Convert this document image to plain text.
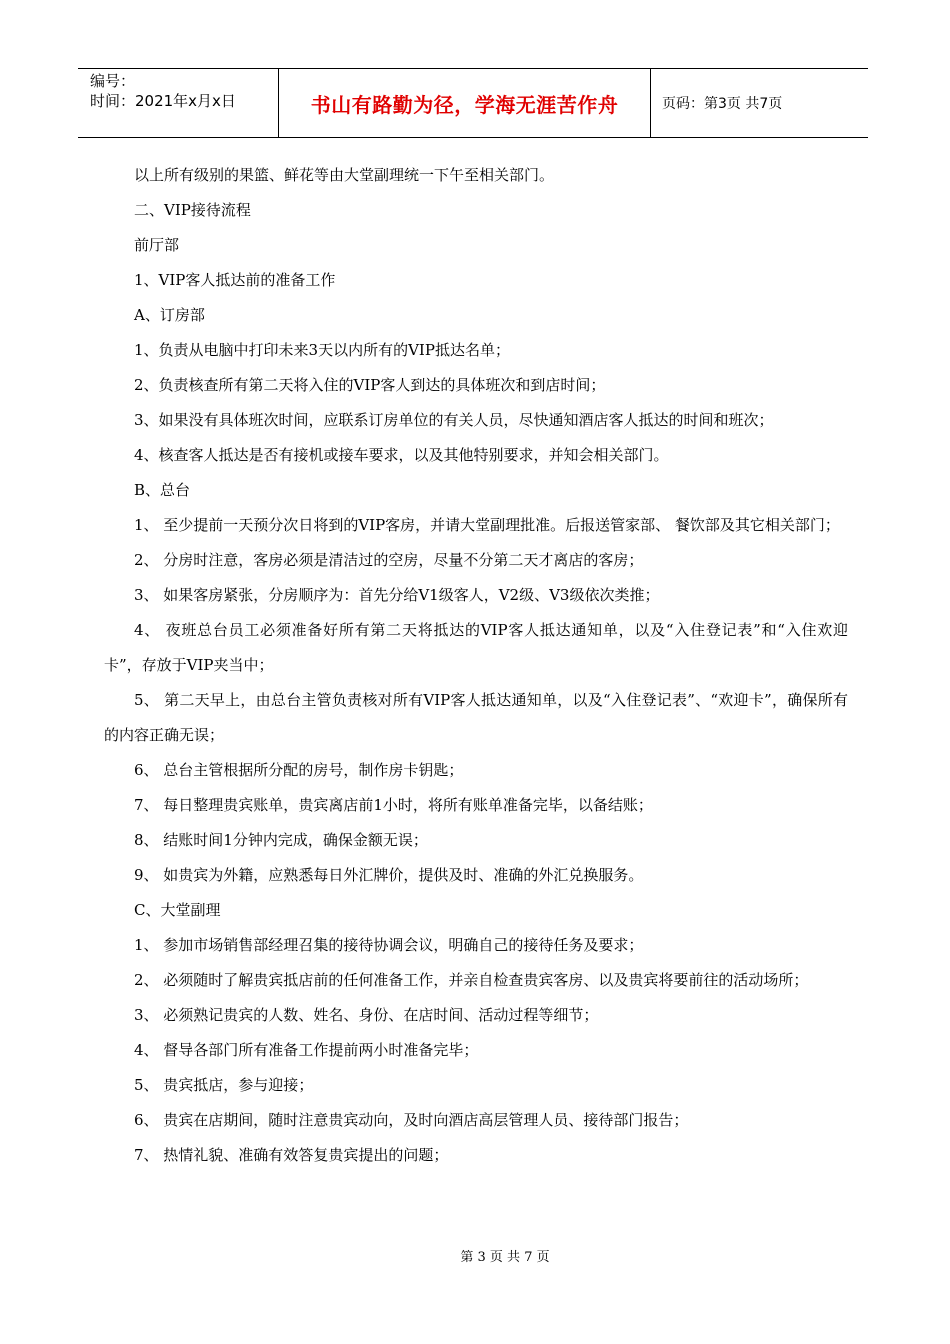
编号：
时间：2021年x月x日	书山有路勤为径，学海无涯苦作舟	页码：第3页 共7页

以上所有级别的果篮、鲜花等由大堂副理统一下午至相关部门。

二、VIP接待流程

前厅部

1、VIP客人抵达前的准备工作

A、订房部

1、负责从电脑中打印未来3天以内所有的VIP抵达名单；

2、负责核查所有第二天将入住的VIP客人到达的具体班次和到店时间；

3、如果没有具体班次时间，应联系订房单位的有关人员，尽快通知酒店客人抵达的时间和班次；

4、核查客人抵达是否有接机或接车要求，以及其他特别要求，并知会相关部门。

B、总台

1、 至少提前一天预分次日将到的VIP客房，并请大堂副理批准。后报送管家部、 餐饮部及其它相关部门；

2、 分房时注意，客房必须是清洁过的空房，尽量不分第二天才离店的客房；

3、 如果客房紧张，分房顺序为：首先分给V1级客人，V2级、V3级依次类推；

4、 夜班总台员工必须准备好所有第二天将抵达的VIP客人抵达通知单，以及“入住登记表”和“入住欢迎卡”，存放于VIP夹当中；

5、 第二天早上，由总台主管负责核对所有VIP客人抵达通知单，以及“入住登记表”、“欢迎卡”，确保所有的内容正确无误；

6、 总台主管根据所分配的房号，制作房卡钥匙；

7、 每日整理贵宾账单，贵宾离店前1小时，将所有账单准备完毕，以备结账；

8、 结账时间1分钟内完成，确保金额无误；

9、 如贵宾为外籍，应熟悉每日外汇牌价，提供及时、准确的外汇兑换服务。

C、大堂副理

1、 参加市场销售部经理召集的接待协调会议，明确自己的接待任务及要求；

2、 必须随时了解贵宾抵店前的任何准备工作，并亲自检查贵宾客房、以及贵宾将要前往的活动场所；

3、 必须熟记贵宾的人数、姓名、身份、在店时间、活动过程等细节；

4、 督导各部门所有准备工作提前两小时准备完毕；

5、 贵宾抵店，参与迎接；

6、 贵宾在店期间，随时注意贵宾动向，及时向酒店高层管理人员、接待部门报告；

7、 热情礼貌、准确有效答复贵宾提出的问题；

第 3 页 共 7 页
